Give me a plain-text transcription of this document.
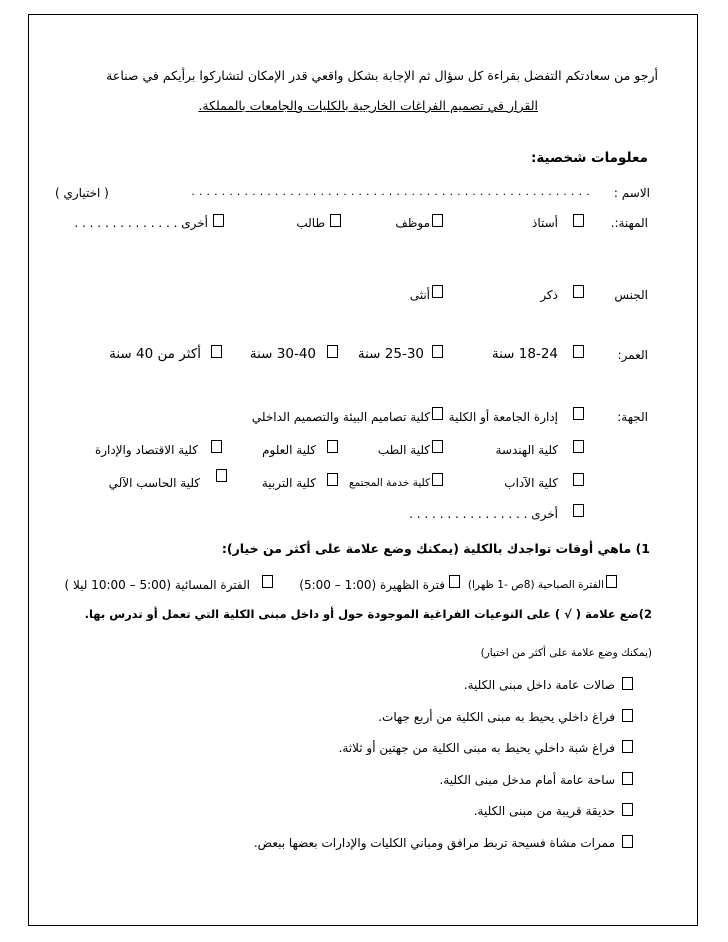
أرجو من سعادتكم التفضل بقراءة كل سؤال ثم الإجابة بشكل واقعي قدر الإمكان لتشاركوا برأيكم في صناعة
القرار في تصميم الفراغات الخارجية بالكليات والجامعات بالمملكة.
معلومات شخصية:
الاسم :
. . . . . . . . . . . . . . . . . . . . . . . . . . . . . . . . . . . . . . . . . . . . . . . . . . . . .
( اختياري )
المهنة:.
أستاذ
موظف
طالب
أخرى . . . . . . . . . . . . . .
الجنس
ذكر
أنثى
العمر:
18-24 سنة
25-30 سنة
30-40 سنة
أكثر من 40 سنة
الجهة:
إدارة الجامعة أو الكلية
كلية تصاميم البيئة والتصميم الداخلي
كلية الهندسة
كلية الطب
كلية العلوم
كلية الاقتصاد والإدارة
كلية الآداب
كلية خدمة المجتمع
كلية التربية
كلية الحاسب الآلي
أخرى . . . . . . . . . . . . . . . .
1) ماهي أوقات تواجدك بالكلية (يمكنك وضع علامة على أكثر من خيار):
الفترة الصباحية (8ص -1 ظهرا)
فترة الظهيرة (1:00 – 5:00)
الفترة المسائية (5:00 – 10:00 ليلا )
2)ضع علامة ( √ ) على النوعيات الفراغية الموجودة حول أو داخل مبنى الكلية التي تعمل أو تدرس بها.
(يمكنك وضع علامة على أكثر من اختيار)
صالات عامة داخل مبنى الكلية.
فراغ داخلي يحيط به مبنى الكلية من أربع جهات.
فراغ شبة داخلي يحيط به مبنى الكلية من جهتين أو ثلاثة.
ساحة عامة أمام مدخل مبنى الكلية.
حديقة قريبة من مبنى الكلية.
ممرات مشاة فسيحة تربط مرافق ومباني الكليات والإدارات بعضها ببعض.
